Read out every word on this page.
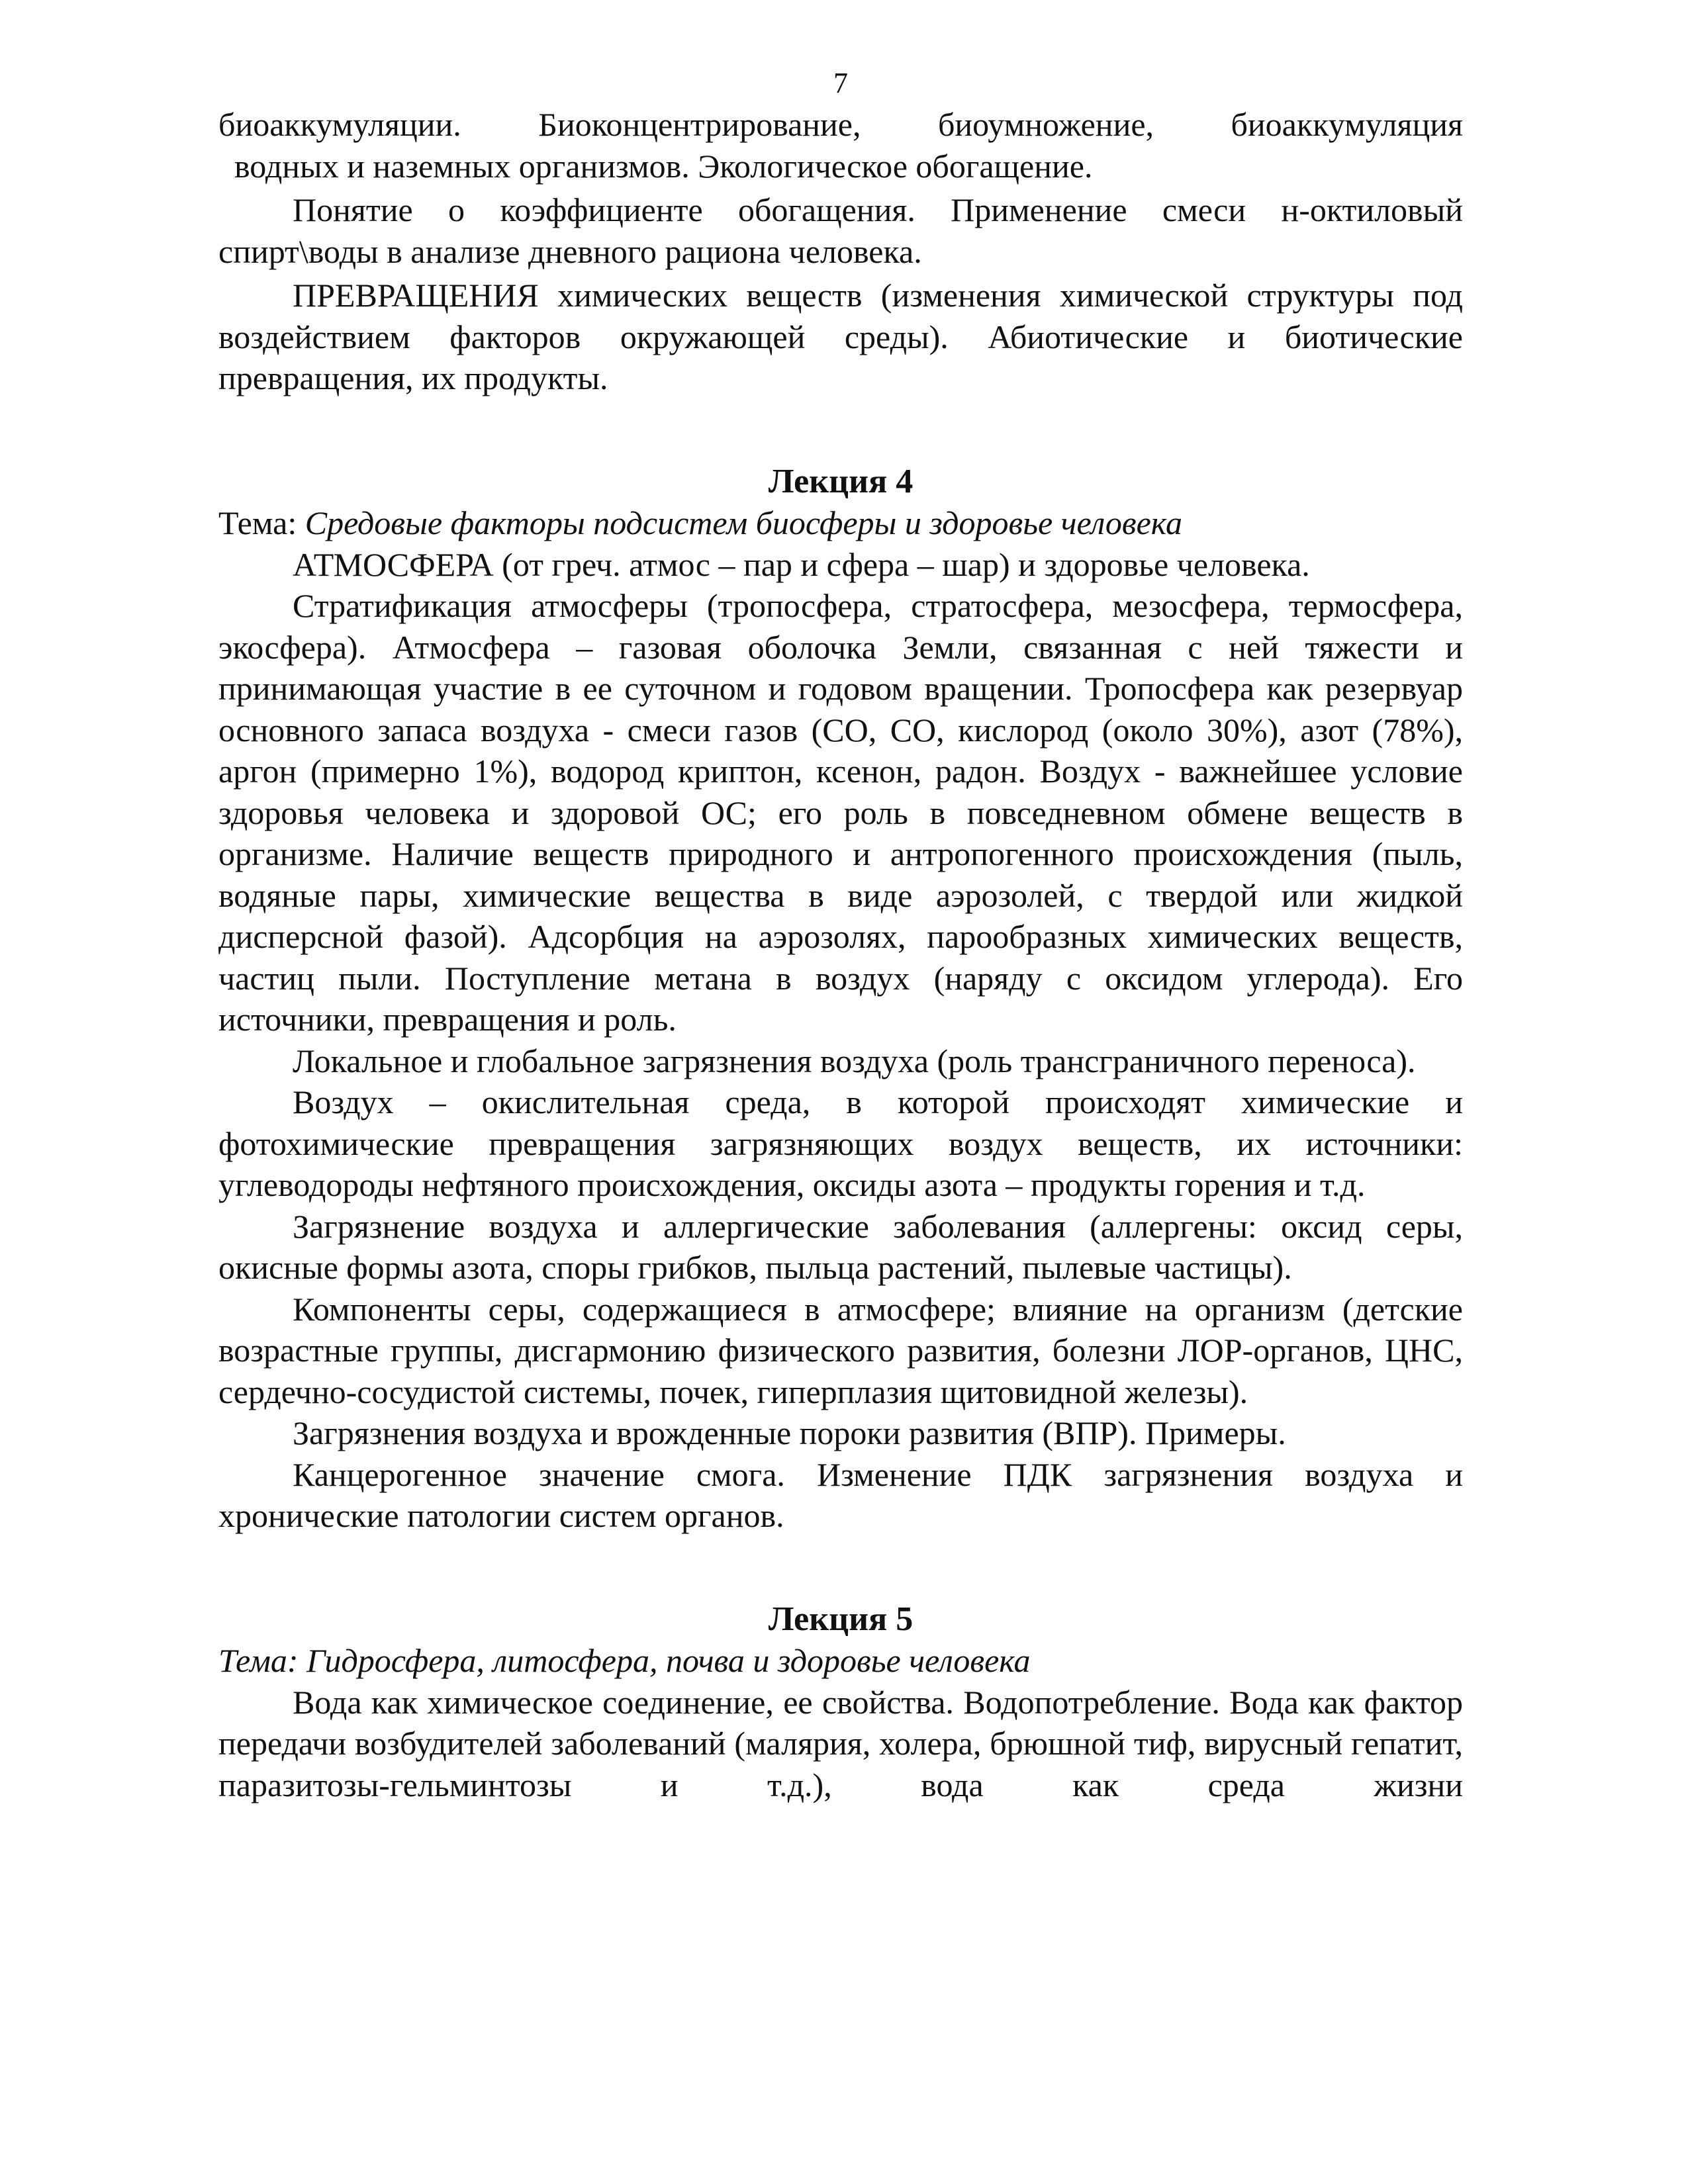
7

биоаккумуляции. Биоконцентрирование, биоумножение, биоаккумуляция

водных и наземных организмов. Экологическое обогащение.

Понятие о коэффициенте обогащения. Применение смеси н-октиловый спирт\воды в анализе дневного рациона человека.

ПРЕВРАЩЕНИЯ химических веществ (изменения химической структуры под воздействием факторов окружающей среды). Абиотические и биотические превращения, их продукты.

Лекция 4

Тема: Средовые факторы подсистем биосферы и здоровье человека

АТМОСФЕРА (от греч. атмос – пар и сфера – шар) и здоровье человека.

Стратификация атмосферы (тропосфера, стратосфера, мезосфера, термосфера, экосфера). Атмосфера – газовая оболочка Земли, связанная с ней тяжести и принимающая участие в ее суточном и годовом вращении. Тропосфера как резервуар основного запаса воздуха - смеси газов (СО, СО, кислород (около 30%), азот (78%), аргон (примерно 1%), водород криптон, ксенон, радон. Воздух - важнейшее условие здоровья человека и здоровой ОС; его роль в повседневном обмене веществ в организме. Наличие веществ природного и антропогенного происхождения (пыль, водяные пары, химические вещества в виде аэрозолей, с твердой или жидкой дисперсной фазой). Адсорбция на аэрозолях, парообразных химических веществ, частиц пыли. Поступление метана в воздух (наряду с оксидом углерода). Его источники, превращения и роль.

Локальное и глобальное загрязнения воздуха (роль трансграничного переноса).

Воздух – окислительная среда, в которой происходят химические и фотохимические превращения загрязняющих воздух веществ, их источники: углеводороды нефтяного происхождения, оксиды азота – продукты горения и т.д.

Загрязнение воздуха и аллергические заболевания (аллергены: оксид серы, окисные формы азота, споры грибков, пыльца растений, пылевые частицы).

Компоненты серы, содержащиеся в атмосфере; влияние на организм (детские возрастные группы, дисгармонию физического развития, болезни ЛОР-органов, ЦНС, сердечно-сосудистой системы, почек, гиперплазия щитовидной железы).

Загрязнения воздуха и врожденные пороки развития (ВПР). Примеры.

Канцерогенное значение смога. Изменение ПДК загрязнения воздуха и хронические патологии систем органов.

Лекция 5

Тема: Гидросфера, литосфера, почва и здоровье человека

Вода как химическое соединение, ее свойства. Водопотребление. Вода как фактор передачи возбудителей заболеваний (малярия, холера, брюшной тиф, вирусный гепатит, паразитозы-гельминтозы и т.д.), вода как среда жизни
